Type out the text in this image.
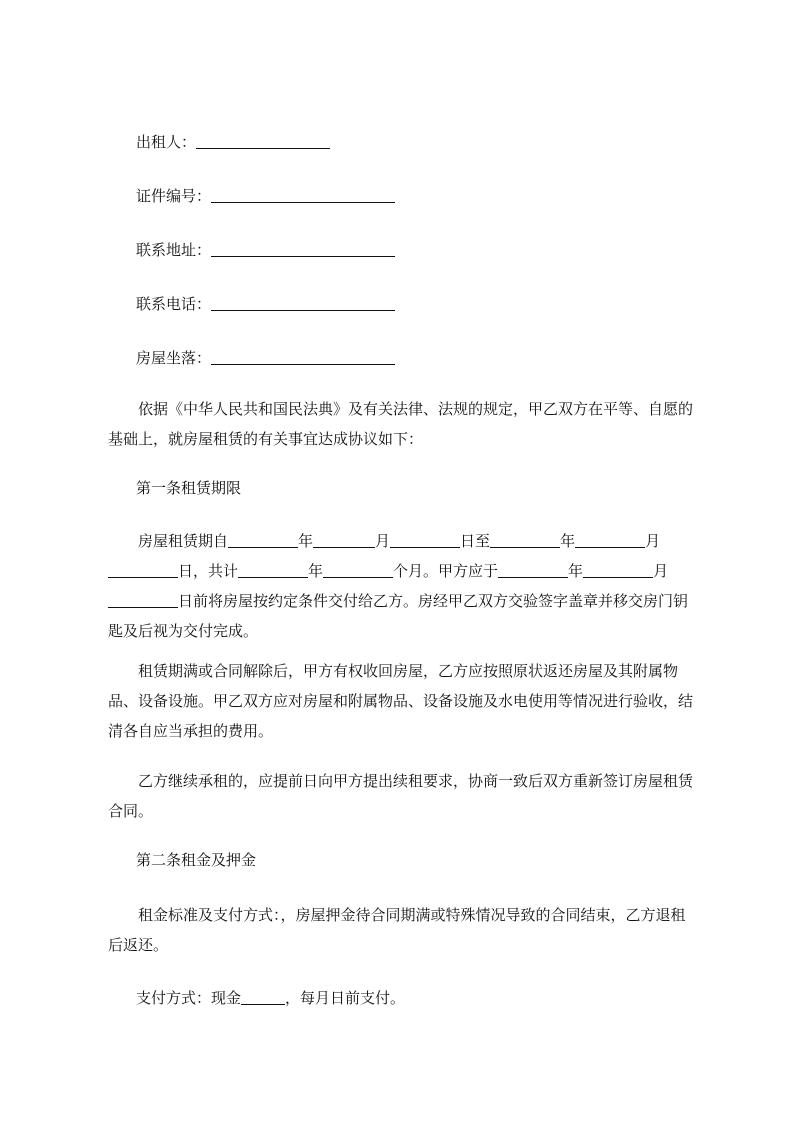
出租人：
证件编号：
联系地址：
联系电话：
房屋坐落：
依据《中华人民共和国民法典》及有关法律、法规的规定，甲乙双方在平等、自愿的基础上，就房屋租赁的有关事宜达成协议如下：
第一条租赁期限
房屋租赁期自	年	月	日至	年	月日，共计	年	个月。甲方应于	年	月日前将房屋按约定条件交付给乙方。房经甲乙双方交验签字盖章并移交房门钥匙及后视为交付完成。
租赁期满或合同解除后，甲方有权收回房屋，乙方应按照原状返还房屋及其附属物品、设备设施。甲乙双方应对房屋和附属物品、设备设施及水电使用等情况进行验收，结清各自应当承担的费用。
乙方继续承租的，应提前日向甲方提出续租要求，协商一致后双方重新签订房屋租赁合同。
第二条租金及押金
租金标准及支付方式：，房屋押金待合同期满或特殊情况导致的合同结束，乙方退租后返还。
支付方式：现金	，每月日前支付。
